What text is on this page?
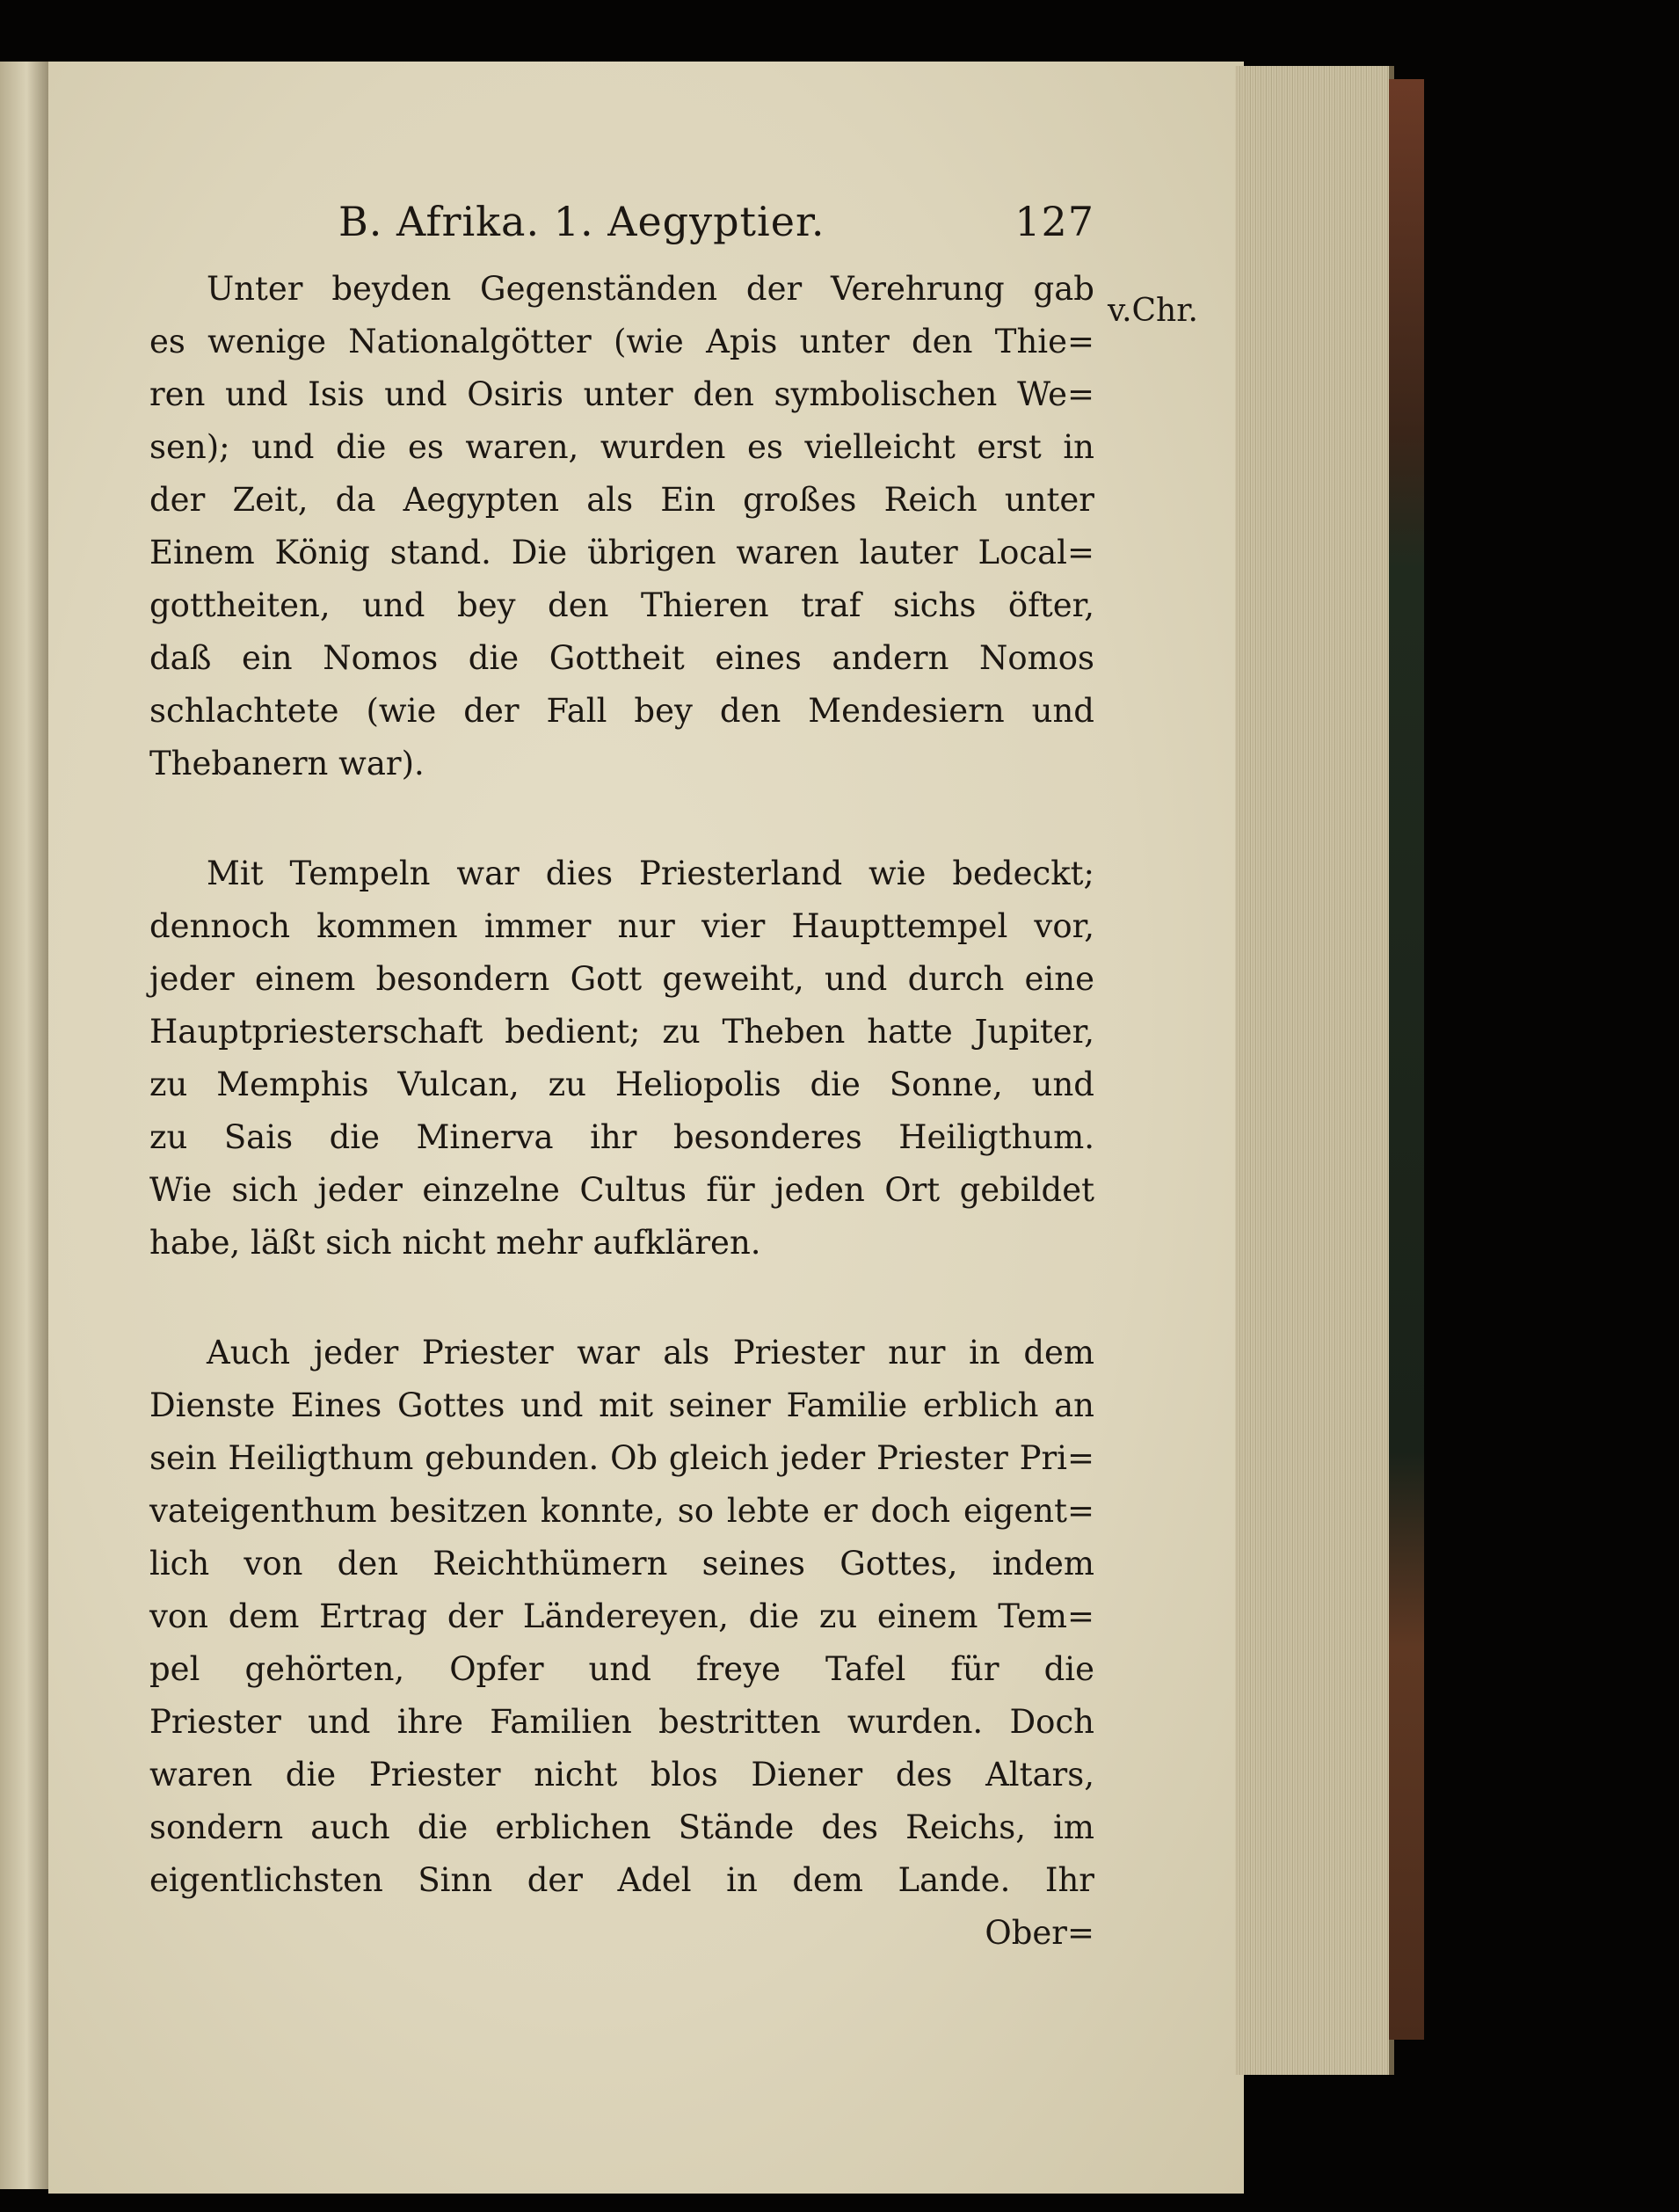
B. Afrika. 1. Aegyptier.	127
v.Chr.
Unter beyden Gegenständen der Verehrung gab
es wenige Nationalgötter (wie Apis unter den Thie=
ren und Isis und Osiris unter den symbolischen We=
sen); und die es waren, wurden es vielleicht erst in
der Zeit, da Aegypten als Ein großes Reich unter
Einem König stand. Die übrigen waren lauter Local=
gottheiten, und bey den Thieren traf sichs öfter,
daß ein Nomos die Gottheit eines andern Nomos
schlachtete (wie der Fall bey den Mendesiern und
Thebanern war).
Mit Tempeln war dies Priesterland wie bedeckt;
dennoch kommen immer nur vier Haupttempel vor,
jeder einem besondern Gott geweiht, und durch eine
Hauptpriesterschaft bedient; zu Theben hatte Jupiter,
zu Memphis Vulcan, zu Heliopolis die Sonne, und
zu Sais die Minerva ihr besonderes Heiligthum.
Wie sich jeder einzelne Cultus für jeden Ort gebildet
habe, läßt sich nicht mehr aufklären.
Auch jeder Priester war als Priester nur in dem
Dienste Eines Gottes und mit seiner Familie erblich an
sein Heiligthum gebunden. Ob gleich jeder Priester Pri=
vateigenthum besitzen konnte, so lebte er doch eigent=
lich von den Reichthümern seines Gottes, indem
von dem Ertrag der Ländereyen, die zu einem Tem=
pel gehörten, Opfer und freye Tafel für die
Priester und ihre Familien bestritten wurden. Doch
waren die Priester nicht blos Diener des Altars,
sondern auch die erblichen Stände des Reichs, im
eigentlichsten Sinn der Adel in dem Lande. Ihr
Ober=
